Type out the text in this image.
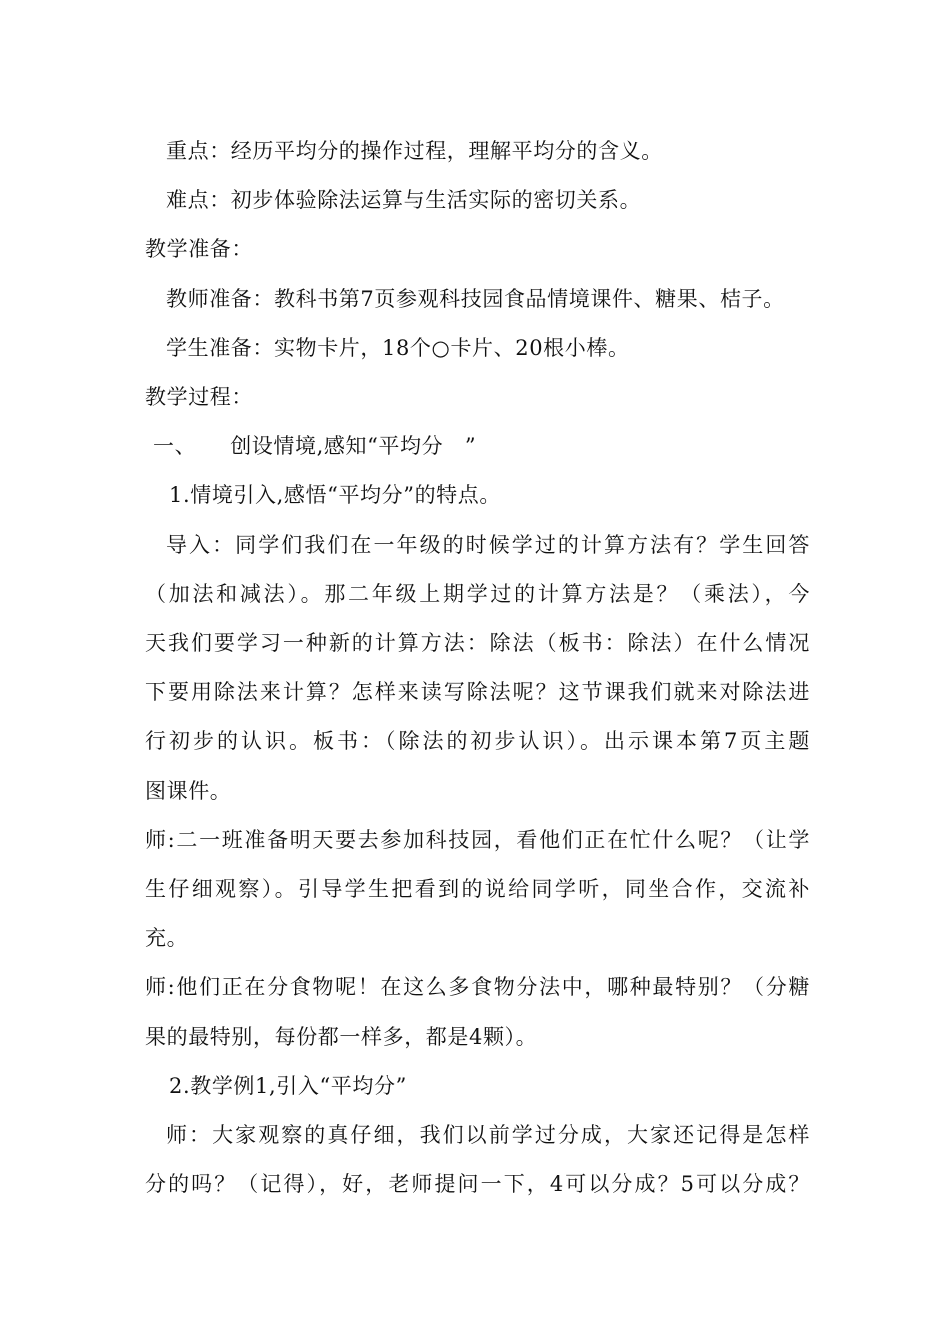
重点：经历平均分的操作过程，理解平均分的含义。

难点：初步体验除法运算与生活实际的密切关系。

教学准备：

教师准备：教科书第7页参观科技园食品情境课件、糖果、桔子。

学生准备：实物卡片，18个○卡片、20根小棒。

教学过程：

一、 创设情境,感知“平均分　”

1.情境引入,感悟“平均分”的特点。

导入：同学们我们在一年级的时候学过的计算方法有？学生回答

（加法和减法）。那二年级上期学过的计算方法是？（乘法），今

天我们要学习一种新的计算方法：除法（板书：除法）在什么情况

下要用除法来计算？怎样来读写除法呢？这节课我们就来对除法进

行初步的认识。板书：（除法的初步认识）。出示课本第7页主题

图课件。

师:二一班准备明天要去参加科技园，看他们正在忙什么呢？（让学

生仔细观察）。引导学生把看到的说给同学听，同坐合作，交流补

充。

师:他们正在分食物呢！在这么多食物分法中，哪种最特别？（分糖

果的最特别，每份都一样多，都是4颗）。

2.教学例1,引入“平均分”

师：大家观察的真仔细，我们以前学过分成，大家还记得是怎样

分的吗？（记得），好，老师提问一下，4可以分成？5可以分成？
